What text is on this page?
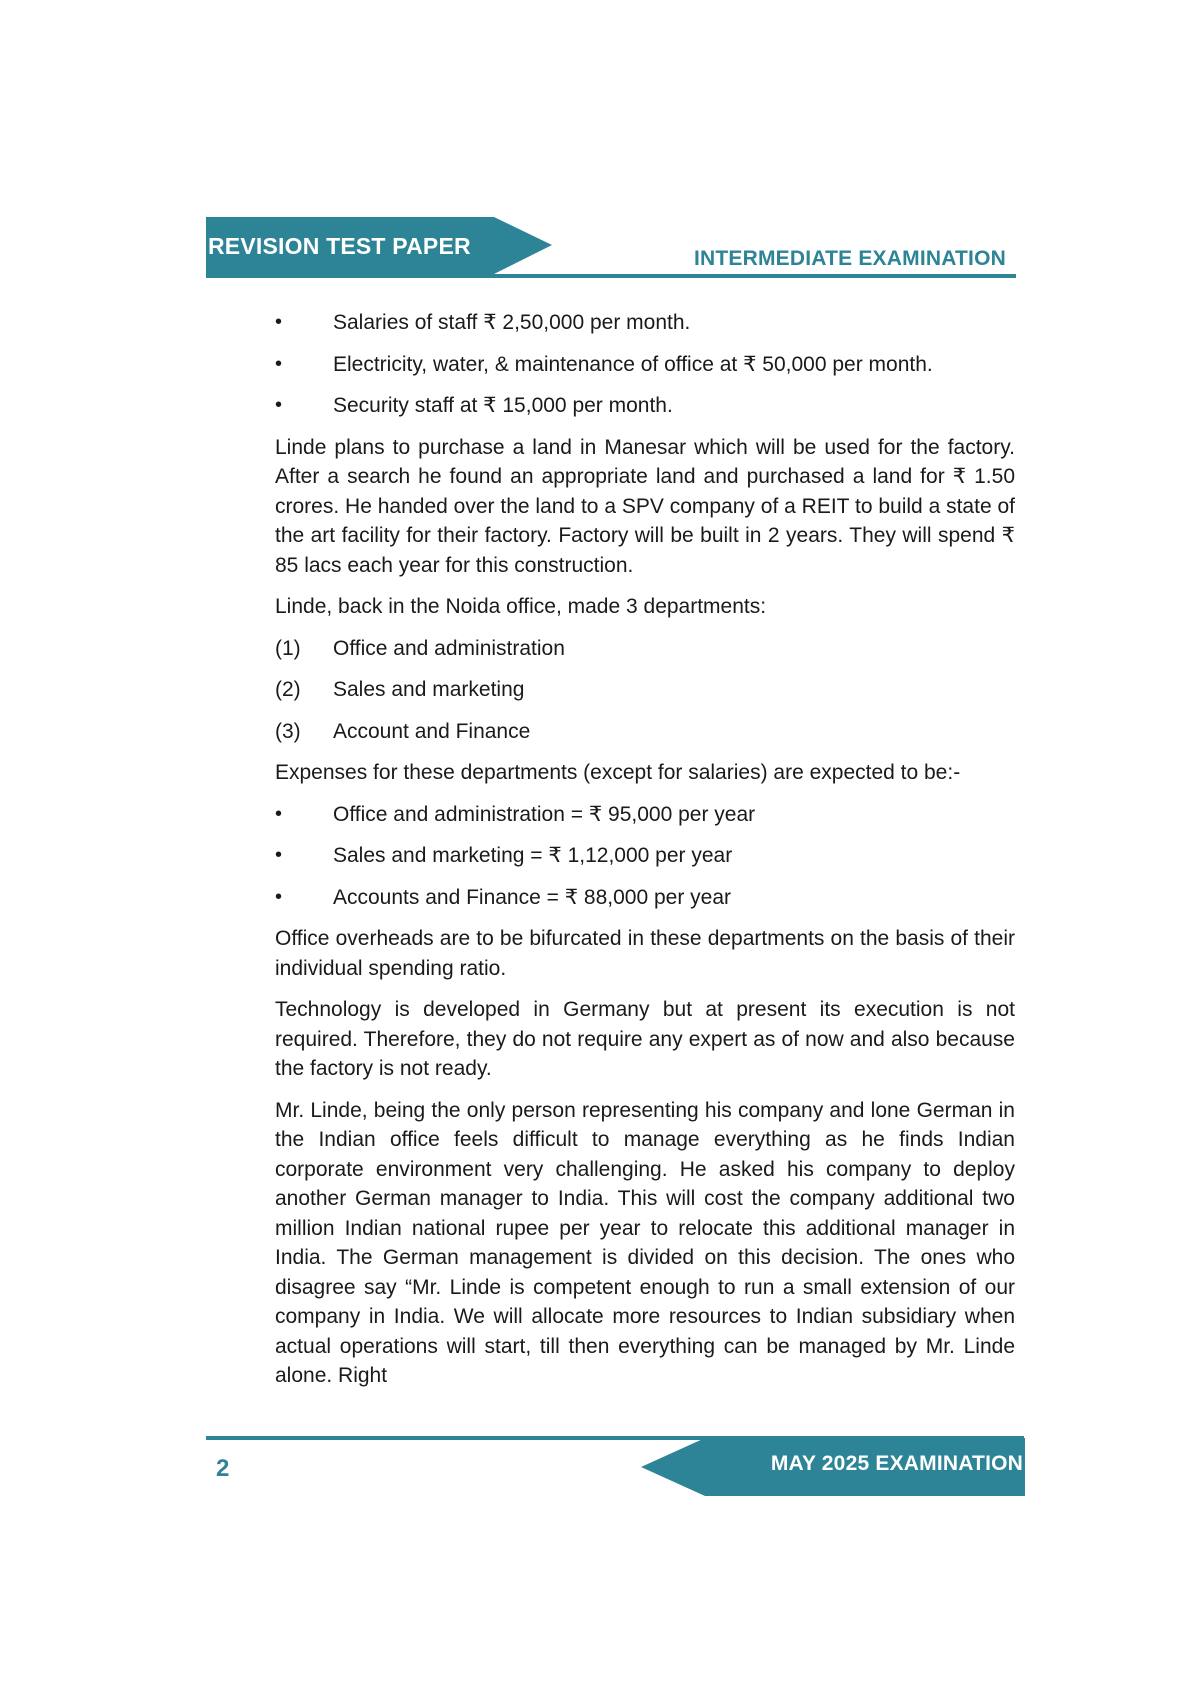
REVISION TEST PAPER	INTERMEDIATE EXAMINATION
•	Salaries of staff ₹ 2,50,000 per month.
•	Electricity, water, & maintenance of office at ₹ 50,000 per month.
•	Security staff at ₹ 15,000 per month.

Linde plans to purchase a land in Manesar which will be used for the factory. After a search he found an appropriate land and purchased a land for ₹ 1.50 crores. He handed over the land to a SPV company of a REIT to build a state of the art facility for their factory. Factory will be built in 2 years. They will spend ₹ 85 lacs each year for this construction.

Linde, back in the Noida office, made 3 departments:

(1)	Office and administration
(2)	Sales and marketing
(3)	Account and Finance

Expenses for these departments (except for salaries) are expected to be:-

•	Office and administration = ₹ 95,000 per year
•	Sales and marketing = ₹ 1,12,000 per year
•	Accounts and Finance = ₹ 88,000 per year

Office overheads are to be bifurcated in these departments on the basis of their individual spending ratio.

Technology is developed in Germany but at present its execution is not required. Therefore, they do not require any expert as of now and also because the factory is not ready.

Mr. Linde, being the only person representing his company and lone German in the Indian office feels difficult to manage everything as he finds Indian corporate environment very challenging. He asked his company to deploy another German manager to India. This will cost the company additional two million Indian national rupee per year to relocate this additional manager in India. The German management is divided on this decision. The ones who disagree say “Mr. Linde is competent enough to run a small extension of our company in India. We will allocate more resources to Indian subsidiary when actual operations will start, till then everything can be managed by Mr. Linde alone. Right

2	MAY 2025 EXAMINATION
